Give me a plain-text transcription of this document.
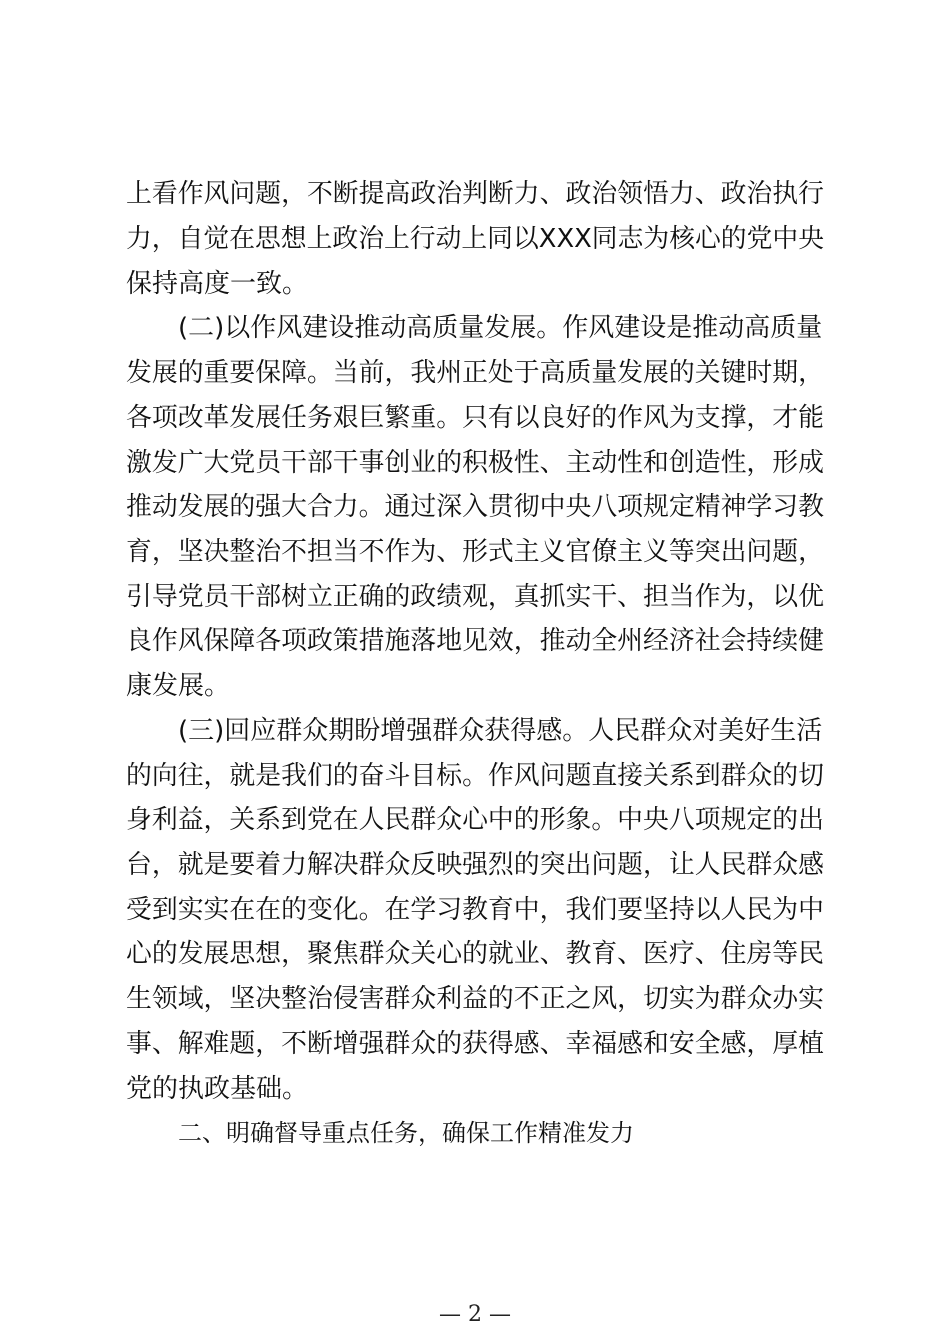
上看作风问题，不断提高政治判断力、政治领悟力、政治执行
力，自觉在思想上政治上行动上同以XXX同志为核心的党中央
保持高度一致。
(二)以作风建设推动高质量发展。作风建设是推动高质量
发展的重要保障。当前，我州正处于高质量发展的关键时期，
各项改革发展任务艰巨繁重。只有以良好的作风为支撑，才能
激发广大党员干部干事创业的积极性、主动性和创造性，形成
推动发展的强大合力。通过深入贯彻中央八项规定精神学习教
育，坚决整治不担当不作为、形式主义官僚主义等突出问题，
引导党员干部树立正确的政绩观，真抓实干、担当作为，以优
良作风保障各项政策措施落地见效，推动全州经济社会持续健
康发展。
(三)回应群众期盼增强群众获得感。人民群众对美好生活
的向往，就是我们的奋斗目标。作风问题直接关系到群众的切
身利益，关系到党在人民群众心中的形象。中央八项规定的出
台，就是要着力解决群众反映强烈的突出问题，让人民群众感
受到实实在在的变化。在学习教育中，我们要坚持以人民为中
心的发展思想，聚焦群众关心的就业、教育、医疗、住房等民
生领域，坚决整治侵害群众利益的不正之风，切实为群众办实
事、解难题，不断增强群众的获得感、幸福感和安全感，厚植
党的执政基础。
二、明确督导重点任务，确保工作精准发力
— 2 —
